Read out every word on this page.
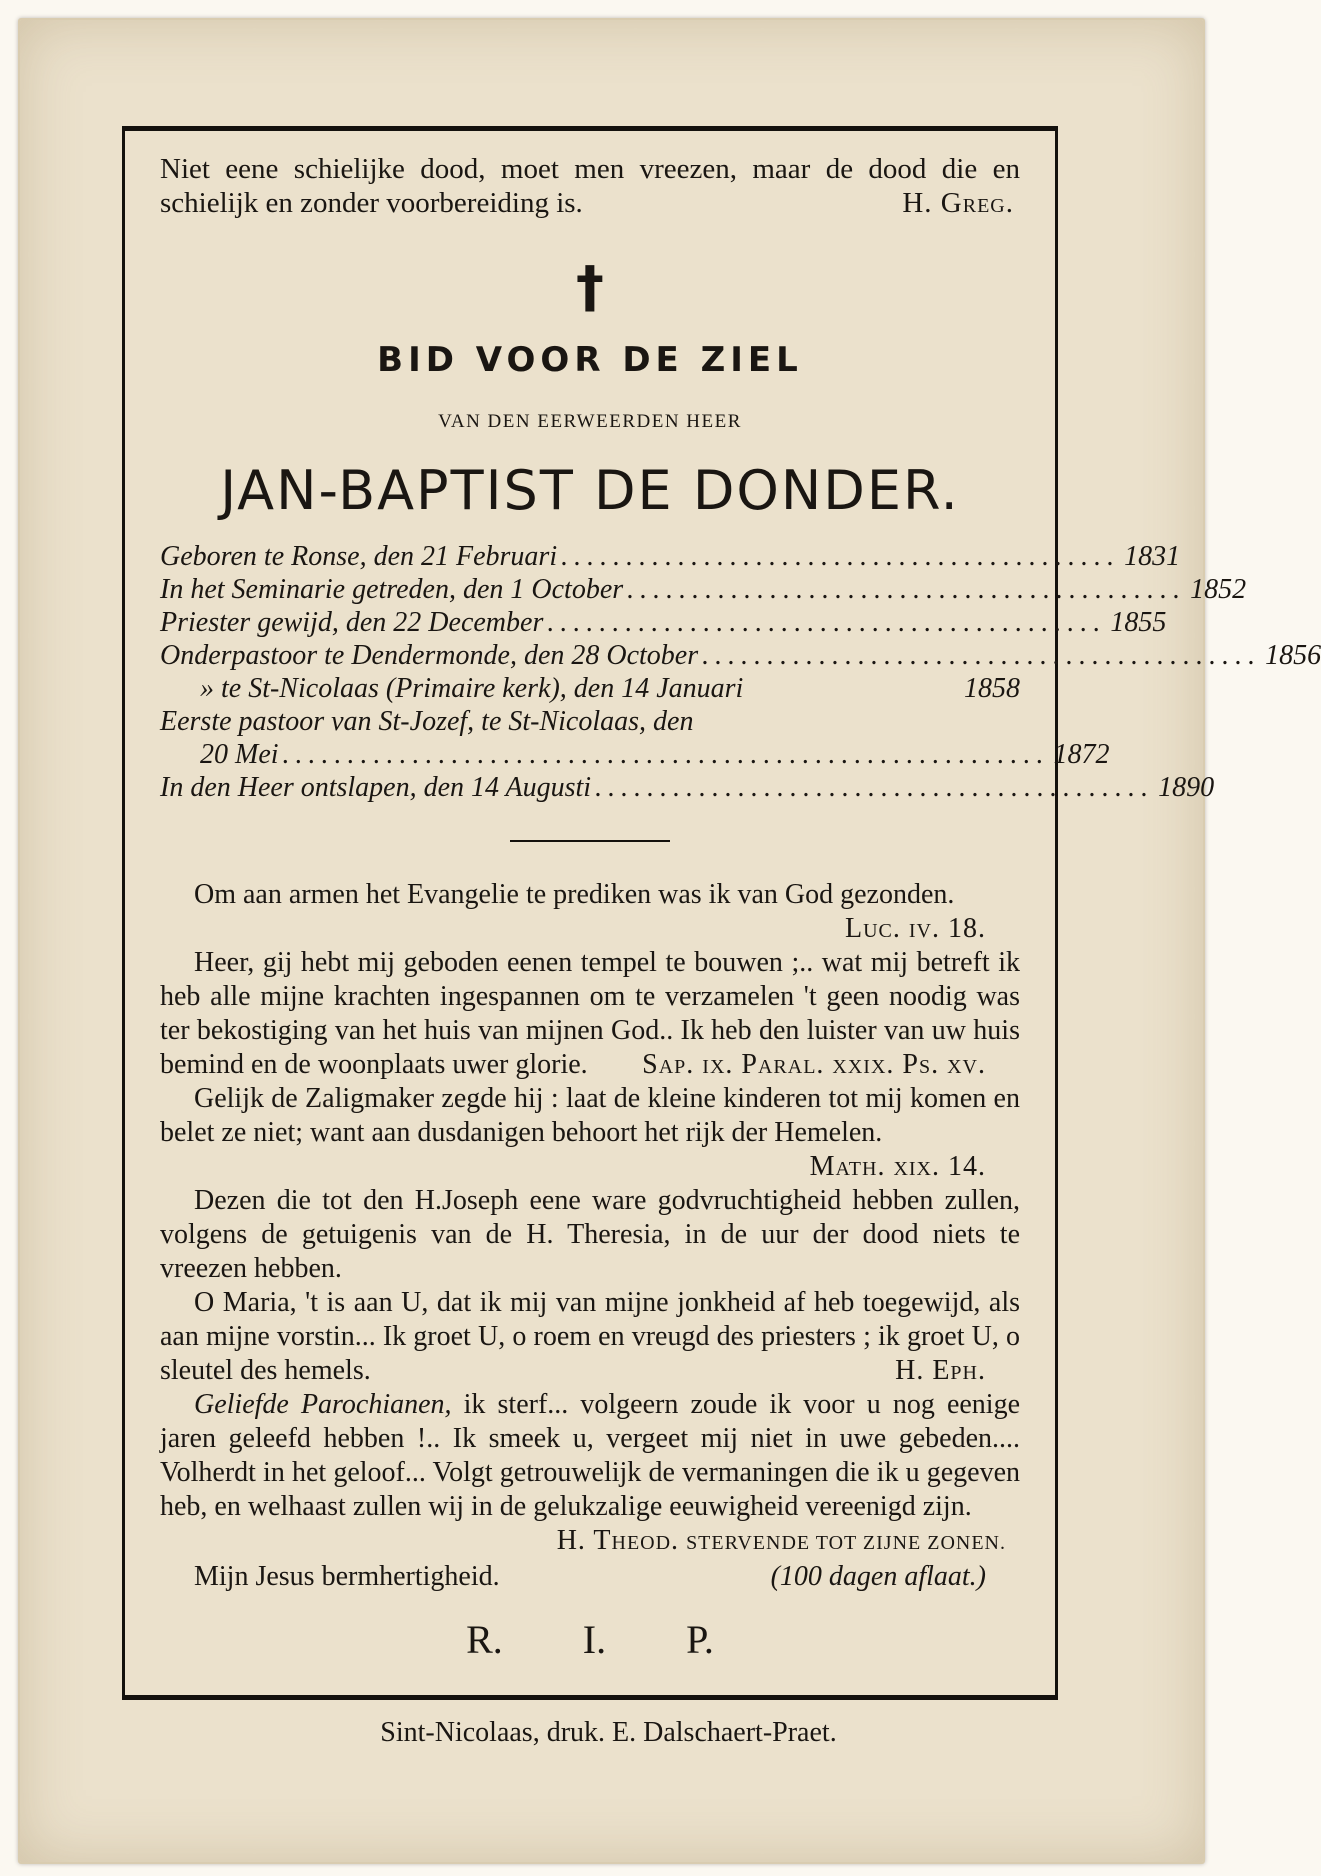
Niet eene schielijke dood, moet men vreezen, maar de dood die en schielijk en zonder voorbereiding is.	H. Greg.
†
BID VOOR DE ZIEL
VAN DEN EERWEERDEN HEER
JAN-BAPTIST DE DONDER.
Geboren te Ronse, den 21 Februari ........................................... 1831
In het Seminarie getreden, den 1 October ........................................... 1852
Priester gewijd, den 22 December ........................................... 1855
Onderpastoor te Dendermonde, den 28 October ........................................... 1856
» te St-Nicolaas (Primaire kerk), den 14 Januari	1858
Eerste pastoor van St-Jozef, te St-Nicolaas, den
20 Mei ........................................................... 1872
In den Heer ontslapen, den 14 Augusti ........................................... 1890
Om aan armen het Evangelie te prediken was ik van God gezonden.
Luc. iv. 18.
Heer, gij hebt mij geboden eenen tempel te bouwen ;.. wat mij betreft ik heb alle mijne krachten ingespannen om te verzamelen 't geen noodig was ter bekostiging van het huis van mijnen God.. Ik heb den luister van uw huis bemind en de woonplaats uwer glorie. Sap. ix. Paral. xxix. Ps. xv.
Gelijk de Zaligmaker zegde hij : laat de kleine kinderen tot mij komen en belet ze niet; want aan dusdanigen behoort het rijk der Hemelen.
Math. xix. 14.
Dezen die tot den H.Joseph eene ware godvruchtigheid hebben zullen, volgens de getuigenis van de H. Theresia, in de uur der dood niets te vreezen hebben.
O Maria, 't is aan U, dat ik mij van mijne jonkheid af heb toegewijd, als aan mijne vorstin... Ik groet U, o roem en vreugd des priesters ; ik groet U, o sleutel des hemels.	H. Eph.
Geliefde Parochianen, ik sterf... volgeern zoude ik voor u nog eenige jaren geleefd hebben !.. Ik smeek u, vergeet mij niet in uwe gebeden.... Volherdt in het geloof... Volgt getrouwelijk de vermaningen die ik u gegeven heb, en welhaast zullen wij in de gelukzalige eeuwigheid vereenigd zijn.
H. Theod. STERVENDE TOT ZIJNE ZONEN.
Mijn Jesus bermhertigheid.	(100 dagen aflaat.)
R. I. P.
Sint-Nicolaas, druk. E. Dalschaert-Praet.
